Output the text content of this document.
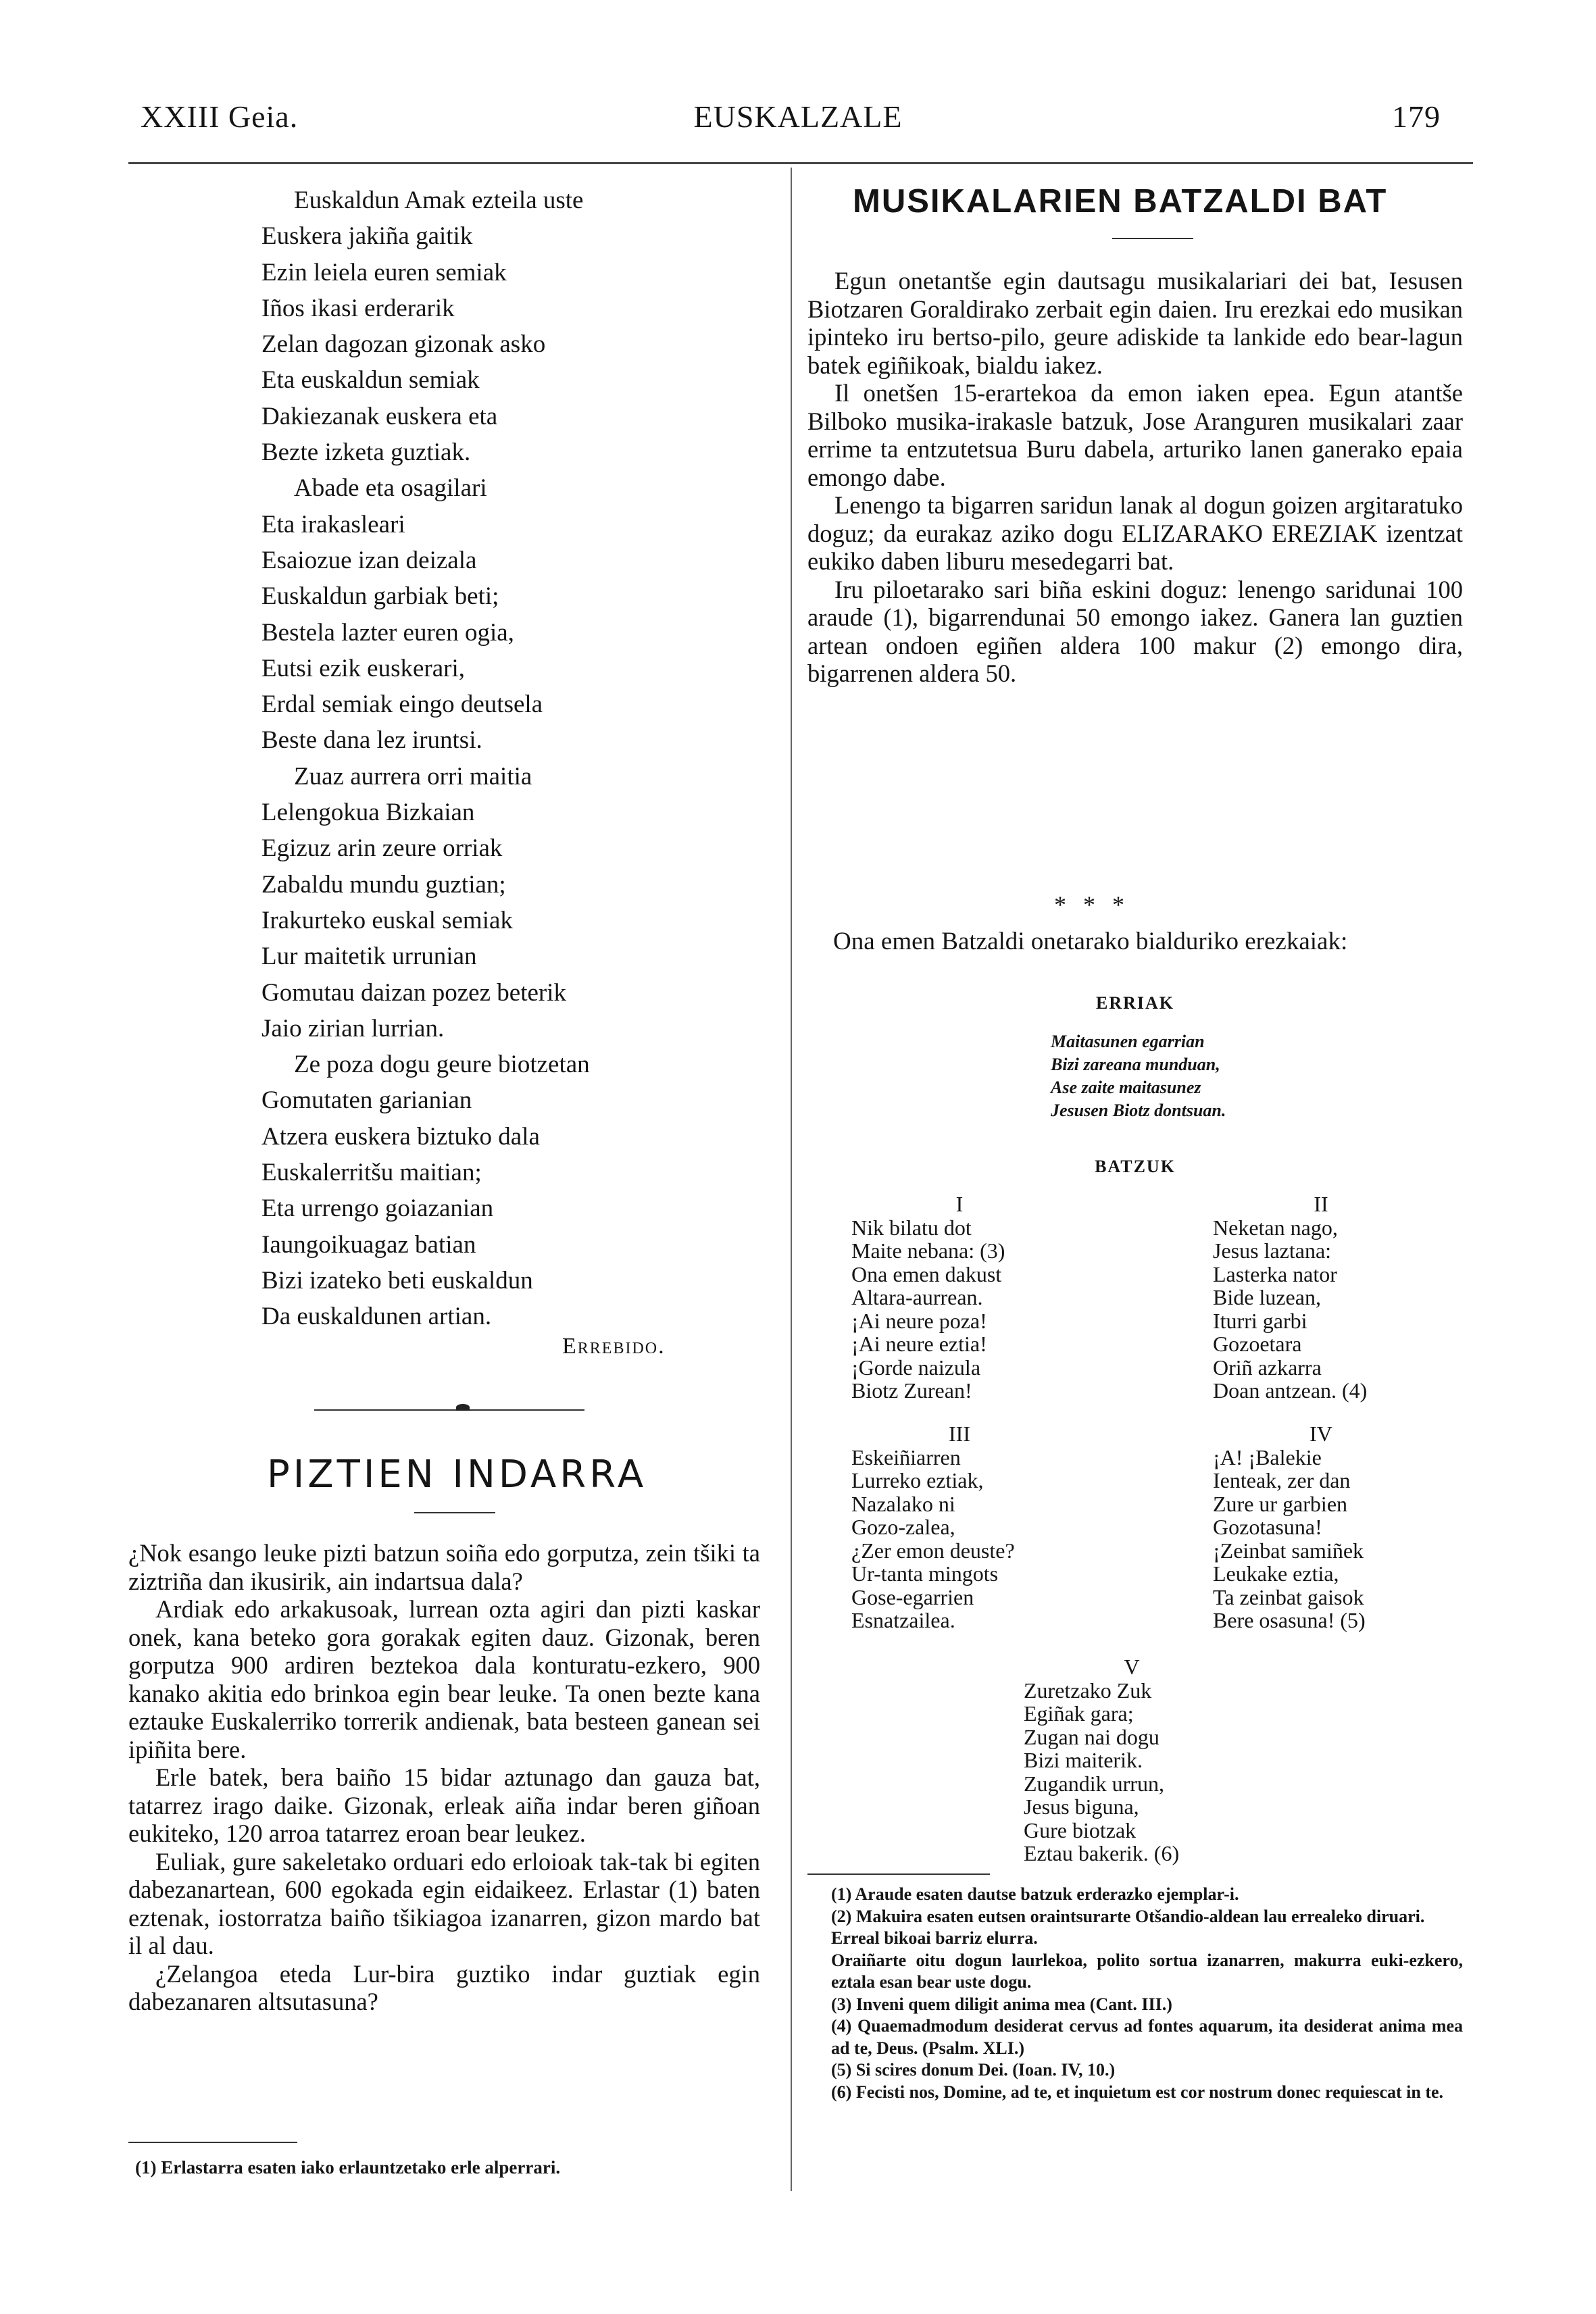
XXIII Geia.	EUSKALZALE	179
Euskaldun Amak ezteila uste
Euskera jakiña gaitik
Ezin leiela euren semiak
Iños ikasi erderarik
Zelan dagozan gizonak asko
Eta euskaldun semiak
Dakiezanak euskera eta
Bezte izketa guztiak.
Abade eta osagilari
Eta irakasleari
Esaiozue izan deizala
Euskaldun garbiak beti;
Bestela lazter euren ogia,
Eutsi ezik euskerari,
Erdal semiak eingo deutsela
Beste dana lez iruntsi.
Zuaz aurrera orri maitia
Lelengokua Bizkaian
Egizuz arin zeure orriak
Zabaldu mundu guztian;
Irakurteko euskal semiak
Lur maitetik urrunian
Gomutau daizan pozez beterik
Jaio zirian lurrian.
Ze poza dogu geure biotzetan
Gomutaten garianian
Atzera euskera biztuko dala
Euskalerritšu maitian;
Eta urrengo goiazanian
Iaungoikuagaz batian
Bizi izateko beti euskaldun
Da euskaldunen artian.
Errebido.
PIZTIEN INDARRA

¿Nok esango leuke pizti batzun soiña edo gorputza, zein tšiki ta ziztriña dan ikusirik, ain indartsua dala?

Ardiak edo arkakusoak, lurrean ozta agiri dan pizti kaskar onek, kana beteko gora gorakak egiten dauz. Gizonak, beren gorputza 900 ardiren beztekoa dala konturatu-ezkero, 900 kanako akitia edo brinkoa egin bear leuke. Ta onen bezte kana eztauke Euskalerriko torrerik andienak, bata besteen ganean sei ipiñita bere.

Erle batek, bera baiño 15 bidar aztunago dan gauza bat, tatarrez irago daike. Gizonak, erleak aiña indar beren giñoan eukiteko, 120 arroa tatarrez eroan bear leukez.

Euliak, gure sakeletako orduari edo erloioak tak-tak bi egiten dabezanartean, 600 egokada egin eidaikeez. Erlastar (1) baten eztenak, iostorratza baiño tšikiagoa izanarren, gizon mardo bat il al dau.

¿Zelangoa eteda Lur-bira guztiko indar guztiak egin dabezanaren altsutasuna?

(1) Erlastarra esaten iako erlauntzetako erle alperrari.
MUSIKALARIEN BATZALDI BAT

Egun onetantše egin dautsagu musikalariari dei bat, Iesusen Biotzaren Goraldirako zerbait egin daien. Iru erezkai edo musikan ipinteko iru bertso-pilo, geure adiskide ta lankide edo bear-lagun batek egiñikoak, bialdu iakez.

Il onetšen 15-erartekoa da emon iaken epea. Egun atantše Bilboko musika-irakasle batzuk, Jose Aranguren musikalari zaar errime ta entzutetsua Buru dabela, arturiko lanen ganerako epaia emongo dabe.

Lenengo ta bigarren saridun lanak al dogun goizen argitaratuko doguz; da eurakaz aziko dogu ELIZARAKO EREZIAK izentzat eukiko daben liburu mesedegarri bat.

Iru piloetarako sari biña eskini doguz: lenengo saridunai 100 araude (1), bigarrendunai 50 emongo iakez. Ganera lan guztien artean ondoen egiñen aldera 100 makur (2) emongo dira, bigarrenen aldera 50.

* * *
Ona emen Batzaldi onetarako bialduriko erezkaiak:
ERRIAK
Maitasunen egarrian
Bizi zareana munduan,
Ase zaite maitasunez
Jesusen Biotz dontsuan.
BATZUK
I
Nik bilatu dot
Maite nebana: (3)
Ona emen dakust
Altara-aurrean.
¡Ai neure poza!
¡Ai neure eztia!
¡Gorde naizula
Biotz Zurean!
II
Neketan nago,
Jesus laztana:
Lasterka nator
Bide luzean,
Iturri garbi
Gozoetara
Oriñ azkarra
Doan antzean. (4)
III
Eskeiñiarren
Lurreko eztiak,
Nazalako ni
Gozo-zalea,
¿Zer emon deuste?
Ur-tanta mingots
Gose-egarrien
Esnatzailea.
IV
¡A! ¡Balekie
Ienteak, zer dan
Zure ur garbien
Gozotasuna!
¡Zeinbat samiñek
Leukake eztia,
Ta zeinbat gaisok
Bere osasuna! (5)
V
Zuretzako Zuk
Egiñak gara;
Zugan nai dogu
Bizi maiterik.
Zugandik urrun,
Jesus biguna,
Gure biotzak
Eztau bakerik. (6)

(1) Araude esaten dautse batzuk erderazko ejemplar-i.

(2) Makuira esaten eutsen oraintsurarte Otšandio-aldean lau errealeko diruari.

Erreal bikoai barriz elurra.

Oraiñarte oitu dogun laurlekoa, polito sortua izanarren, makurra euki-ezkero, eztala esan bear uste dogu.

(3) Inveni quem diligit anima mea (Cant. III.)

(4) Quaemadmodum desiderat cervus ad fontes aquarum, ita desiderat anima mea ad te, Deus. (Psalm. XLI.)

(5) Si scires donum Dei. (Ioan. IV, 10.)

(6) Fecisti nos, Domine, ad te, et inquietum est cor nostrum donec requiescat in te.
